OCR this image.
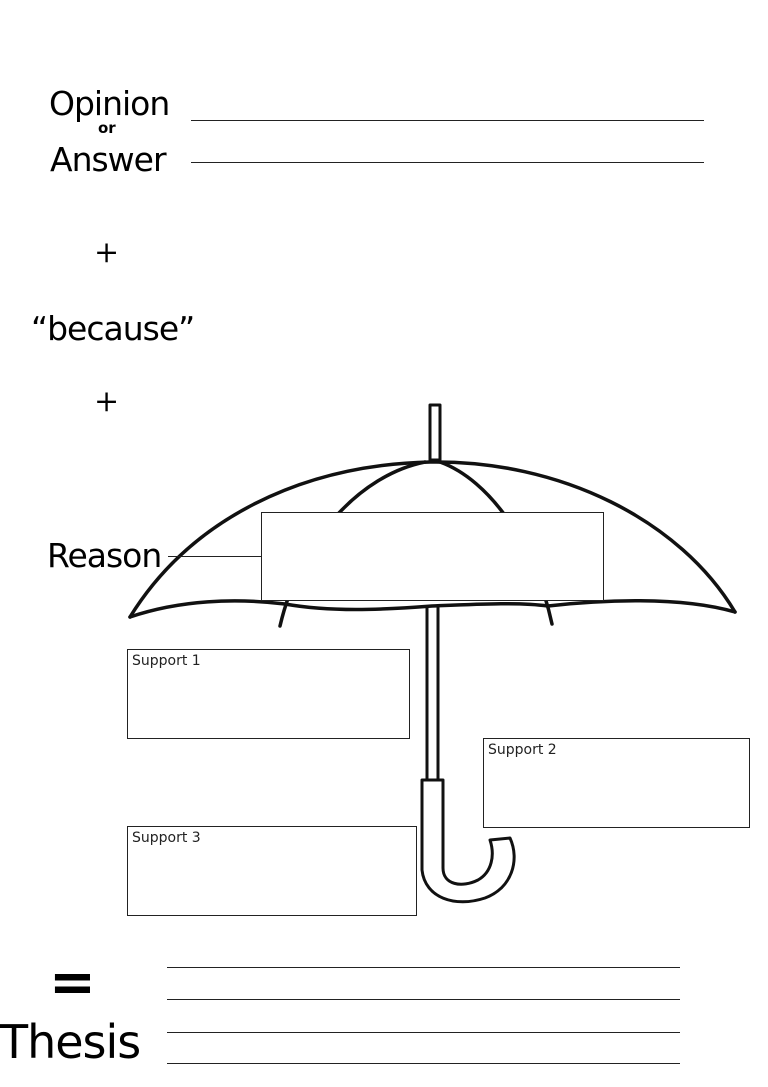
Opinion
or
Answer
+
“because”
+
Reason
Support 1
Support 2
Support 3
=
Thesis
